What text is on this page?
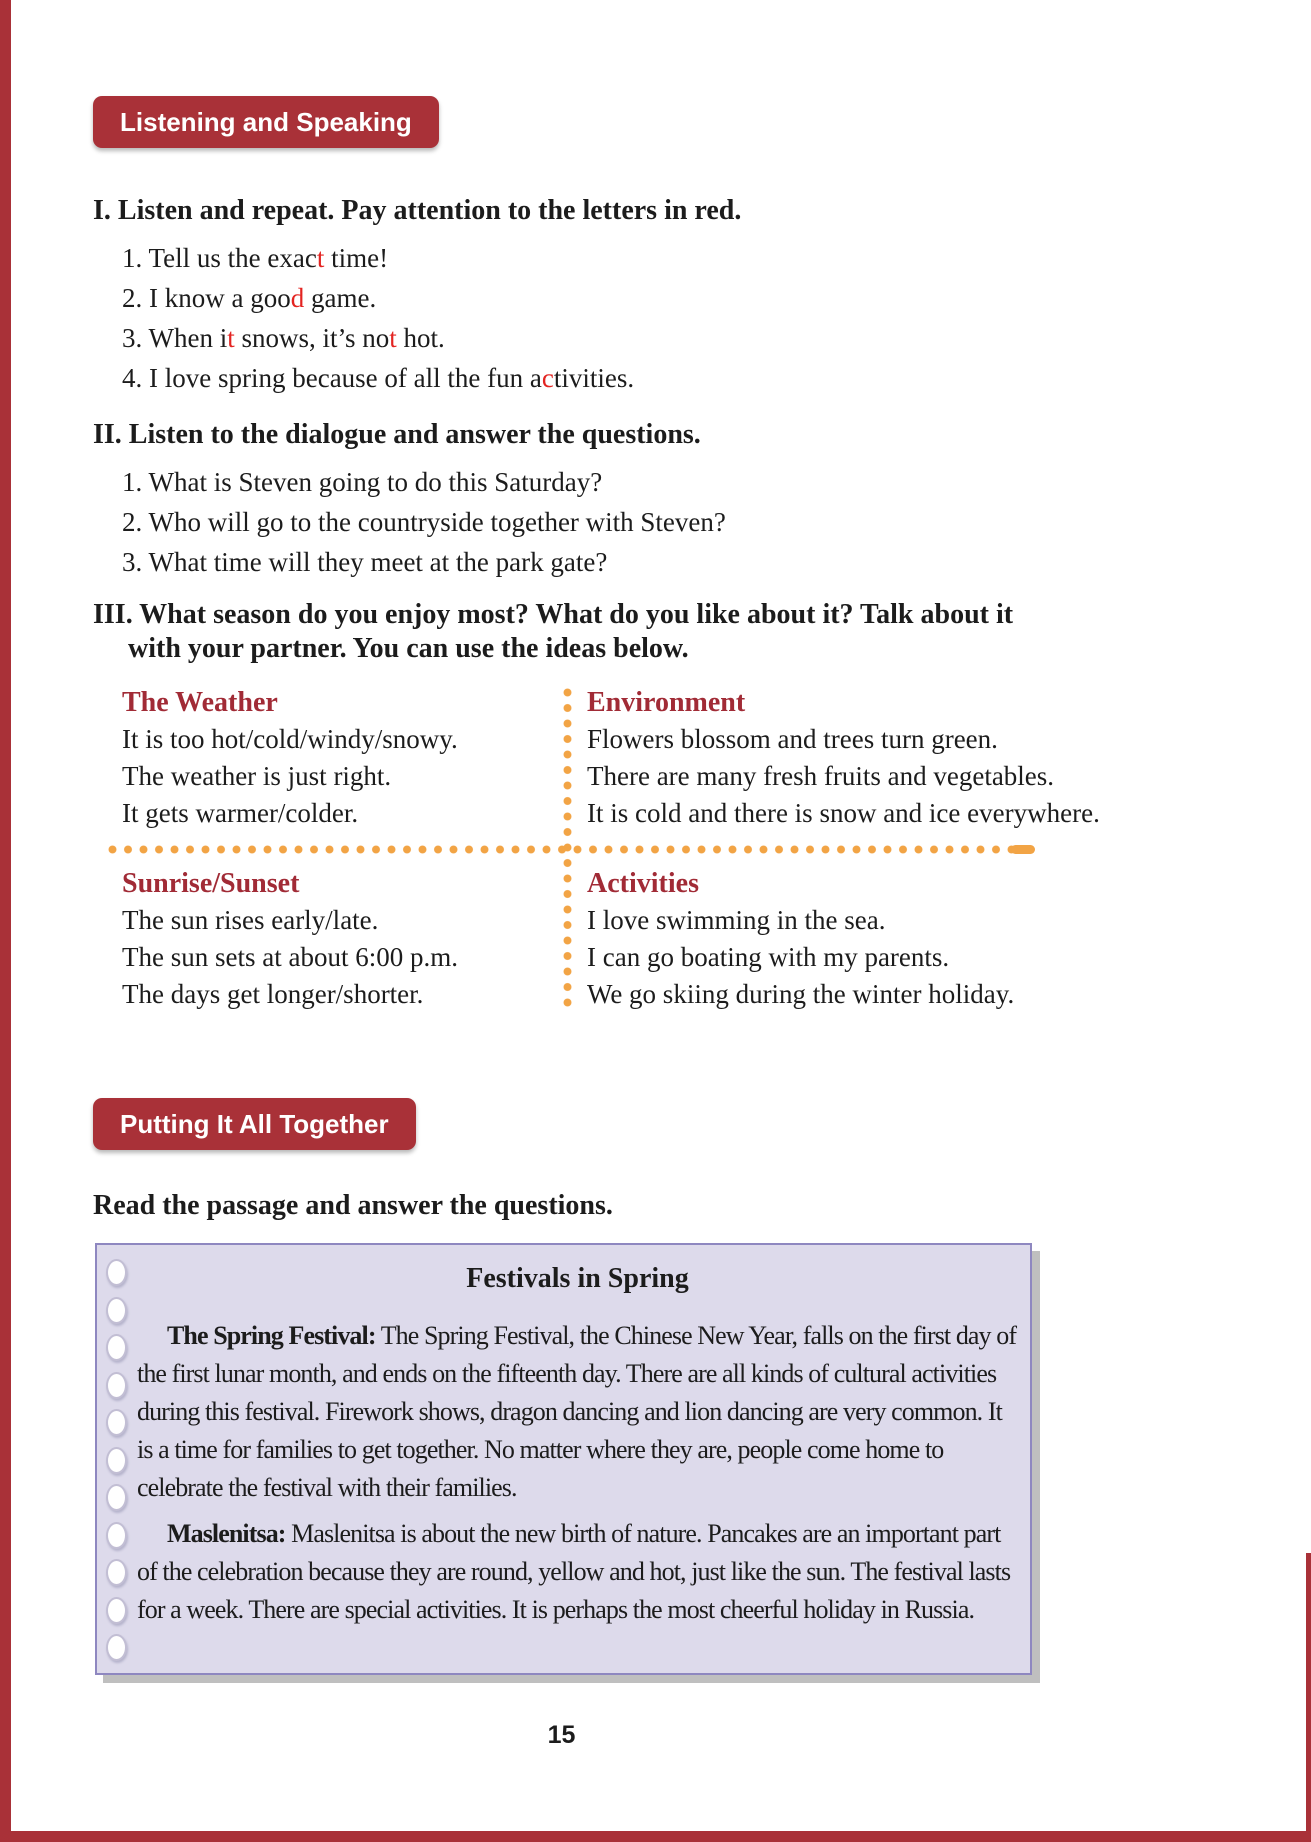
Listening and Speaking
I. Listen and repeat. Pay attention to the letters in red.
1. Tell us the exact time!
2. I know a good game.
3. When it snows, it’s not hot.
4. I love spring because of all the fun activities.
II. Listen to the dialogue and answer the questions.
1. What is Steven going to do this Saturday?
2. Who will go to the countryside together with Steven?
3. What time will they meet at the park gate?
III. What season do you enjoy most? What do you like about it? Talk about it
with your partner. You can use the ideas below.
The Weather
It is too hot/cold/windy/snowy.
The weather is just right.
It gets warmer/colder.
Environment
Flowers blossom and trees turn green.
There are many fresh fruits and vegetables.
It is cold and there is snow and ice everywhere.
Sunrise/Sunset
The sun rises early/late.
The sun sets at about 6:00 p.m.
The days get longer/shorter.
Activities
I love swimming in the sea.
I can go boating with my parents.
We go skiing during the winter holiday.
Putting It All Together
Read the passage and answer the questions.
Festivals in Spring

The Spring Festival: The Spring Festival, the Chinese New Year, falls on the first day of the first lunar month, and ends on the fifteenth day. There are all kinds of cultural activities during this festival. Firework shows, dragon dancing and lion dancing are very common. It is a time for families to get together. No matter where they are, people come home to celebrate the festival with their families.

Maslenitsa: Maslenitsa is about the new birth of nature. Pancakes are an important part of the celebration because they are round, yellow and hot, just like the sun. The festival lasts for a week. There are special activities. It is perhaps the most cheerful holiday in Russia.

15
